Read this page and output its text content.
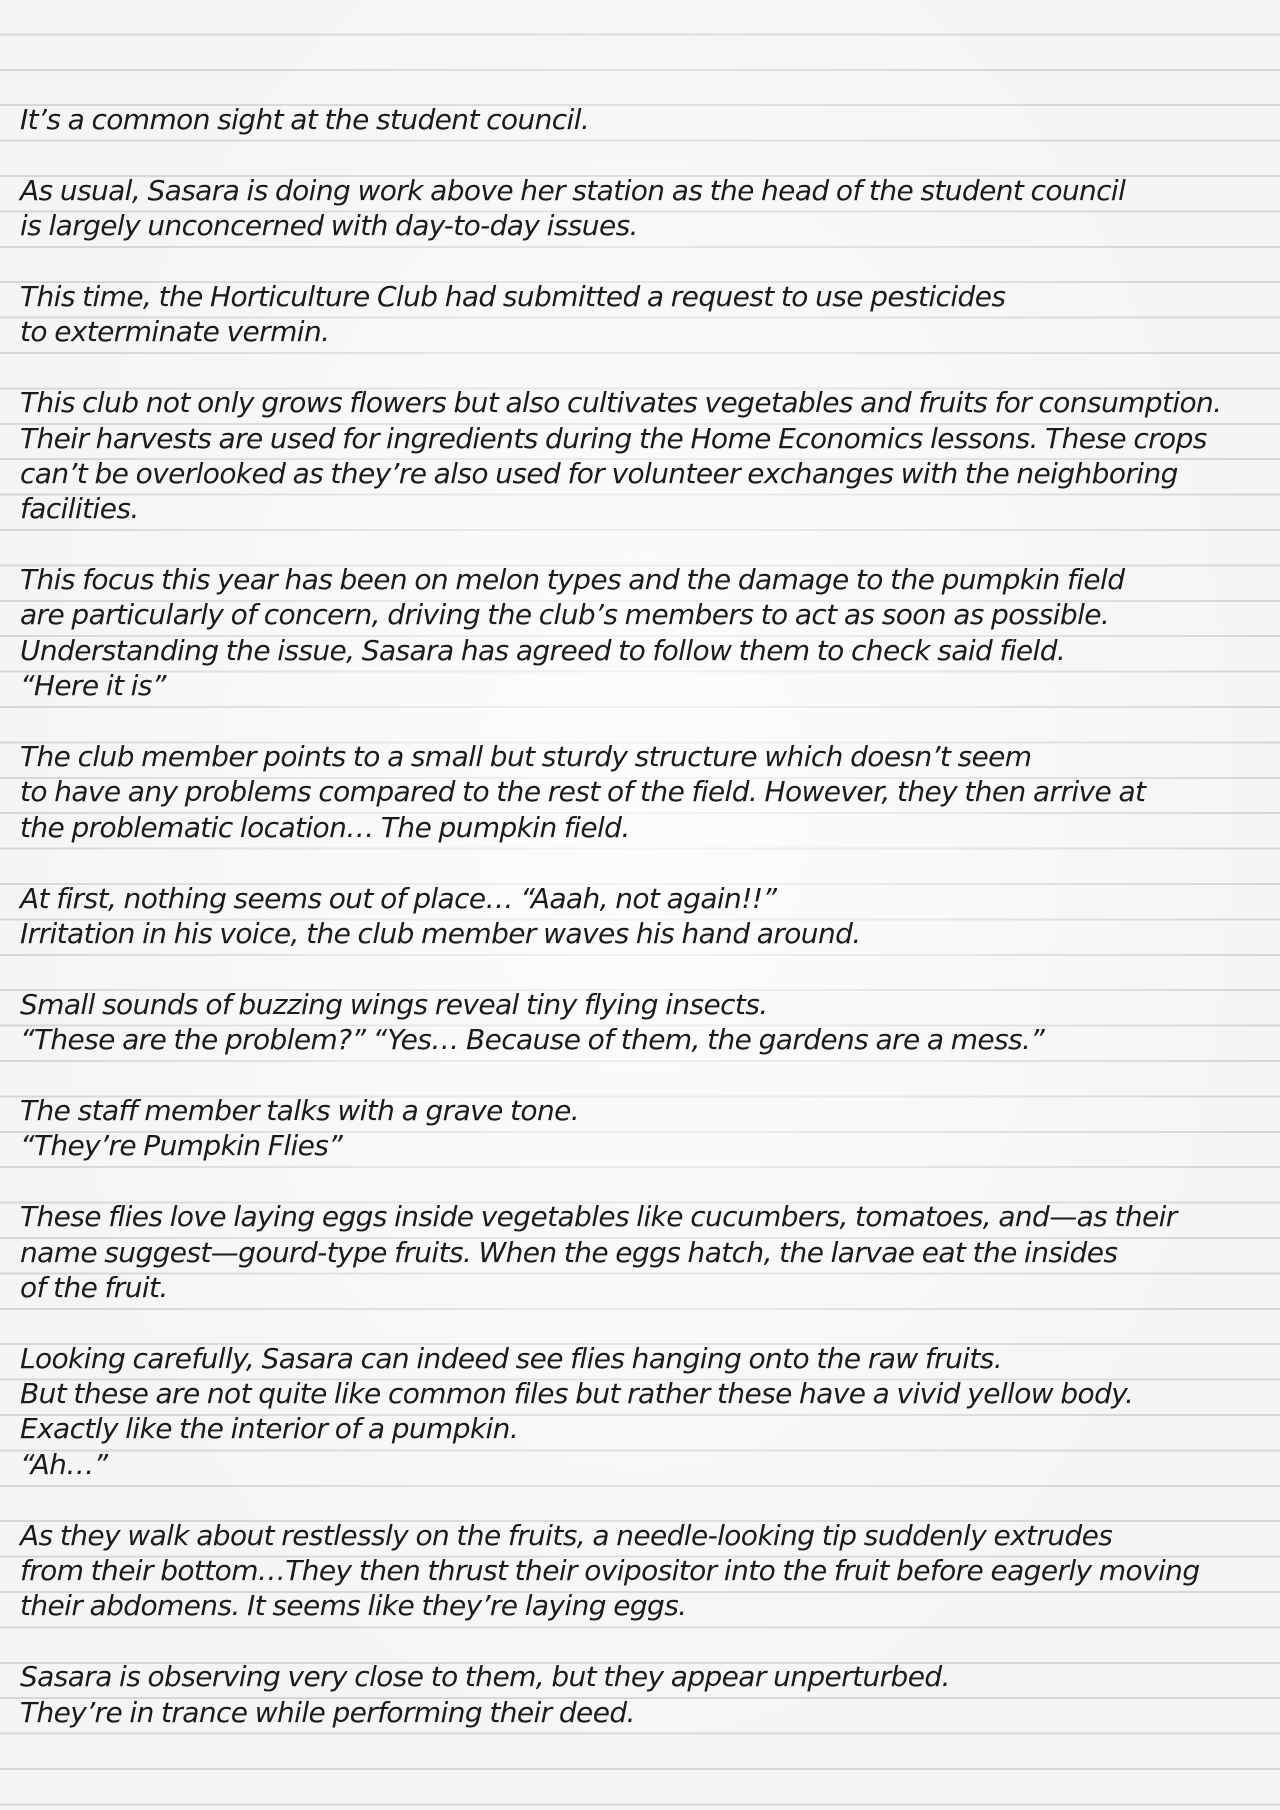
It’s a common sight at the student council.
As usual, Sasara is doing work above her station as the head of the student council
is largely unconcerned with day-to-day issues.
This time, the Horticulture Club had submitted a request to use pesticides
to exterminate vermin.
This club not only grows flowers but also cultivates vegetables and fruits for consumption.
Their harvests are used for ingredients during the Home Economics lessons. These crops
can’t be overlooked as they’re also used for volunteer exchanges with the neighboring
facilities.
This focus this year has been on melon types and the damage to the pumpkin field
are particularly of concern, driving the club’s members to act as soon as possible.
Understanding the issue, Sasara has agreed to follow them to check said field.
“Here it is”
The club member points to a small but sturdy structure which doesn’t seem
to have any problems compared to the rest of the field. However, they then arrive at
the problematic location… The pumpkin field.
At first, nothing seems out of place… “Aaah, not again!!”
Irritation in his voice, the club member waves his hand around.
Small sounds of buzzing wings reveal tiny flying insects.
“These are the problem?” “Yes… Because of them, the gardens are a mess.”
The staff member talks with a grave tone.
“They’re Pumpkin Flies”
These flies love laying eggs inside vegetables like cucumbers, tomatoes, and—as their
name suggest—gourd-type fruits. When the eggs hatch, the larvae eat the insides
of the fruit.
Looking carefully, Sasara can indeed see flies hanging onto the raw fruits.
But these are not quite like common files but rather these have a vivid yellow body.
Exactly like the interior of a pumpkin.
“Ah…”
As they walk about restlessly on the fruits, a needle-looking tip suddenly extrudes
from their bottom…They then thrust their ovipositor into the fruit before eagerly moving
their abdomens. It seems like they’re laying eggs.
Sasara is observing very close to them, but they appear unperturbed.
They’re in trance while performing their deed.
